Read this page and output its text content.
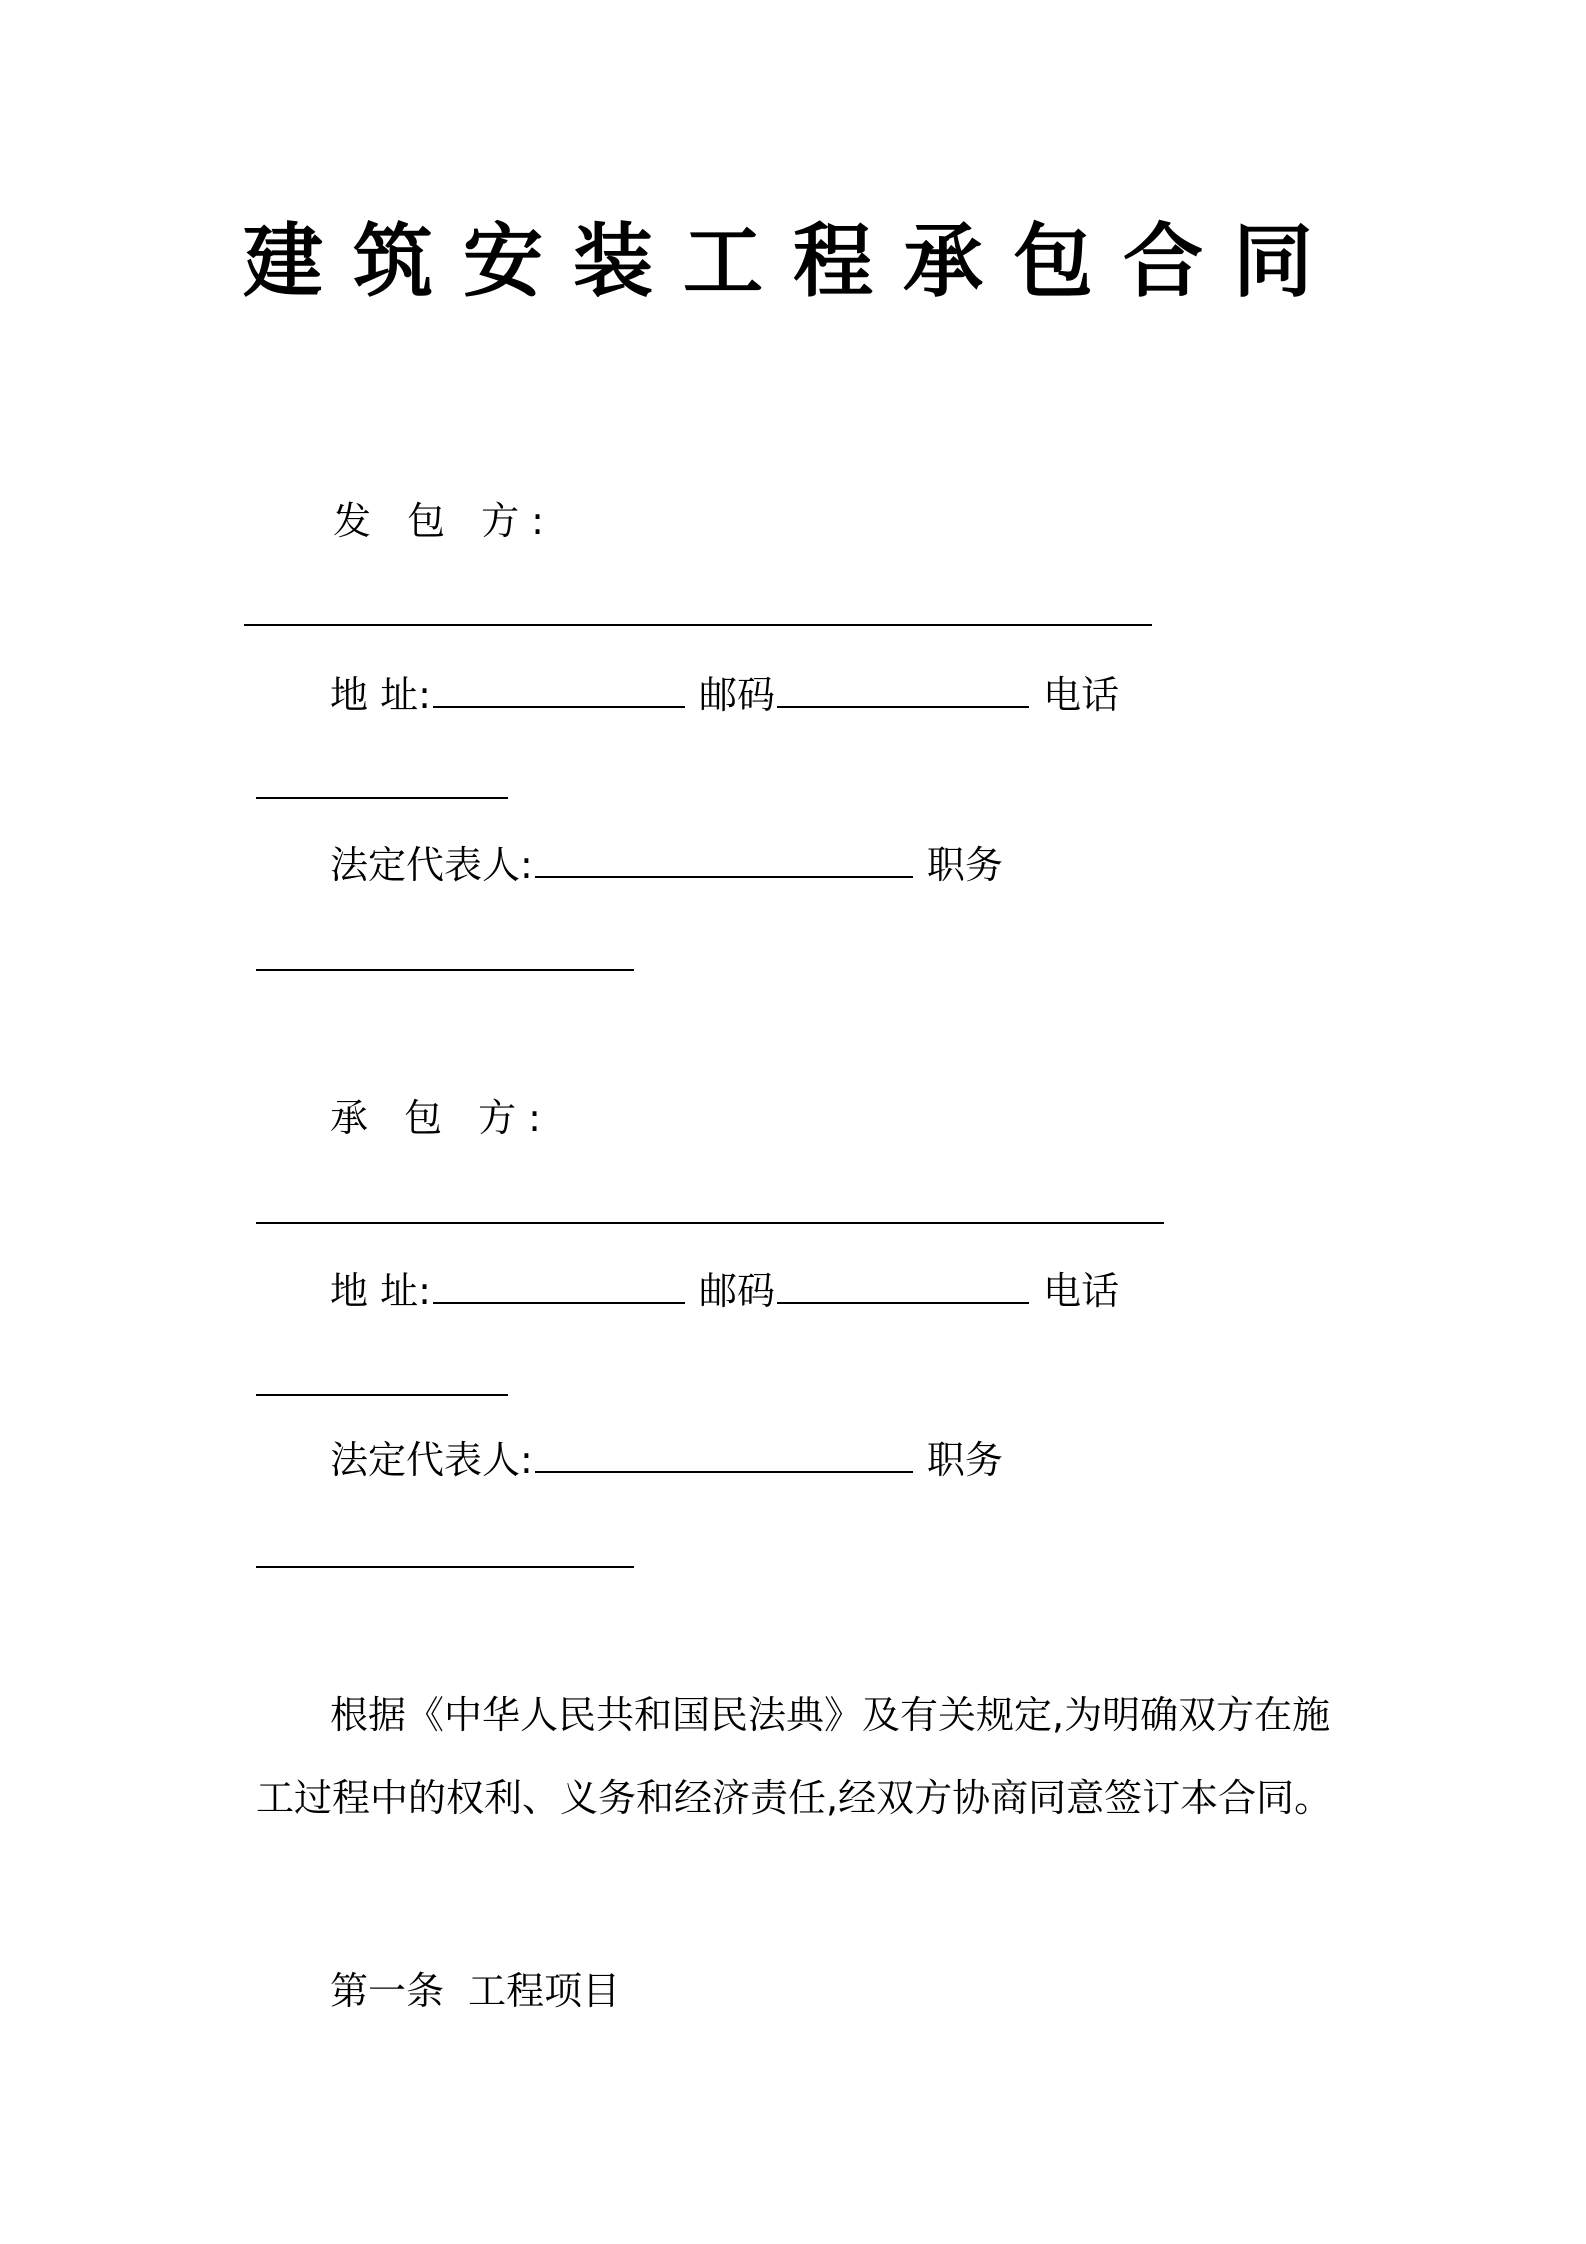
建筑安装工程承包合同
发 包 方:
地 址:	邮码	电话
法定代表人:	职务
承 包 方:
地 址:	邮码	电话
法定代表人:	职务
根据《中华人民共和国民法典》及有关规定,为明确双方在施
工过程中的权利、义务和经济责任,经双方协商同意签订本合同。
第一条  工程项目
